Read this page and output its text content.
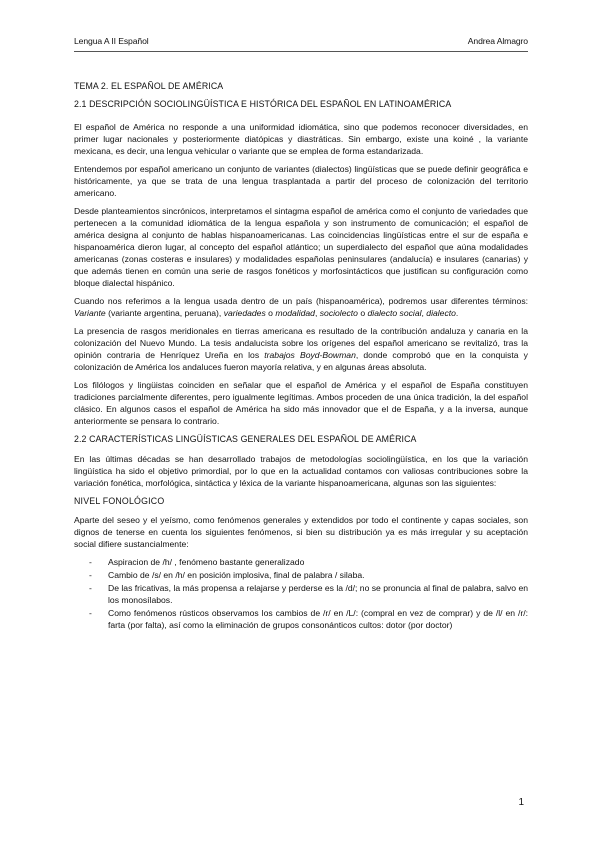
Lengua A II Español	Andrea Almagro
TEMA 2. EL ESPAÑOL DE AMÉRICA
2.1 DESCRIPCIÓN SOCIOLINGÜÍSTICA E HISTÓRICA DEL ESPAÑOL EN LATINOAMÉRICA

El español de América no responde a una uniformidad idiomática, sino que podemos reconocer diversidades, en primer lugar nacionales y posteriormente diatópicas y diastráticas. Sin embargo, existe una koiné , la variante mexicana, es decir, una lengua vehicular o variante que se emplea de forma estandarizada.

Entendemos por español americano un conjunto de variantes (dialectos) lingüísticas que se puede definir geográfica e históricamente, ya que se trata de una lengua trasplantada a partir del proceso de colonización del territorio americano.

Desde planteamientos sincrónicos, interpretamos el sintagma español de américa como el conjunto de variedades que pertenecen a la comunidad idiomática de la lengua española y son instrumento de comunicación; el español de américa designa al conjunto de hablas hispanoamericanas. Las coincidencias lingüísticas entre el sur de españa e hispanoamérica dieron lugar, al concepto del español atlántico; un superdialecto del español que aúna modalidades americanas (zonas costeras e insulares) y modalidades españolas peninsulares (andalucía) e insulares (canarias) y que además tienen en común una serie de rasgos fonéticos y morfosintácticos que justifican su configuración como bloque dialectal hispánico.

Cuando nos referimos a la lengua usada dentro de un país (hispanoamérica), podremos usar diferentes términos: Variante (variante argentina, peruana), variedades o modalidad, sociolecto o dialecto social, dialecto.

La presencia de rasgos meridionales en tierras americana es resultado de la contribución andaluza y canaria en la colonización del Nuevo Mundo. La tesis andalucista sobre los orígenes del español americano se revitalizó, tras la opinión contraria de Henríquez Ureña en los trabajos Boyd-Bowman, donde comprobó que en la conquista y colonización de América los andaluces fueron mayoría relativa, y en algunas áreas absoluta.

Los filólogos y lingüistas coinciden en señalar que el español de América y el español de España constituyen tradiciones parcialmente diferentes, pero igualmente legítimas. Ambos proceden de una única tradición, la del español clásico. En algunos casos el español de América ha sido más innovador que el de España, y a la inversa, aunque anteriormente se pensara lo contrario.

2.2 CARACTERÍSTICAS LINGÜÍSTICAS GENERALES DEL ESPAÑOL DE AMÉRICA

En las últimas décadas se han desarrollado trabajos de metodologías sociolingüística, en los que la variación lingüística ha sido el objetivo primordial, por lo que en la actualidad contamos con valiosas contribuciones sobre la variación fonética, morfológica, sintáctica y léxica de la variante hispanoamericana, algunas son las siguientes:

NIVEL FONOLÓGICO

Aparte del seseo y el yeísmo, como fenómenos generales y extendidos por todo el continente y capas sociales, son dignos de tenerse en cuenta los siguientes fenómenos, si bien su distribución ya es más irregular y su aceptación social difiere sustancialmente:

- Aspiracion de /h/ , fenómeno bastante generalizado
- Cambio de /s/ en /h/ en posición implosiva, final de palabra / silaba.
- De las fricativas, la más propensa a relajarse y perderse es la /d/; no se pronuncia al final de palabra, salvo en los monosílabos.
- Como fenómenos rústicos observamos los cambios de /r/ en /L/: (compral en vez de comprar) y de /l/ en /r/: farta (por falta), así como la eliminación de grupos consonánticos cultos: dotor (por doctor)
1
